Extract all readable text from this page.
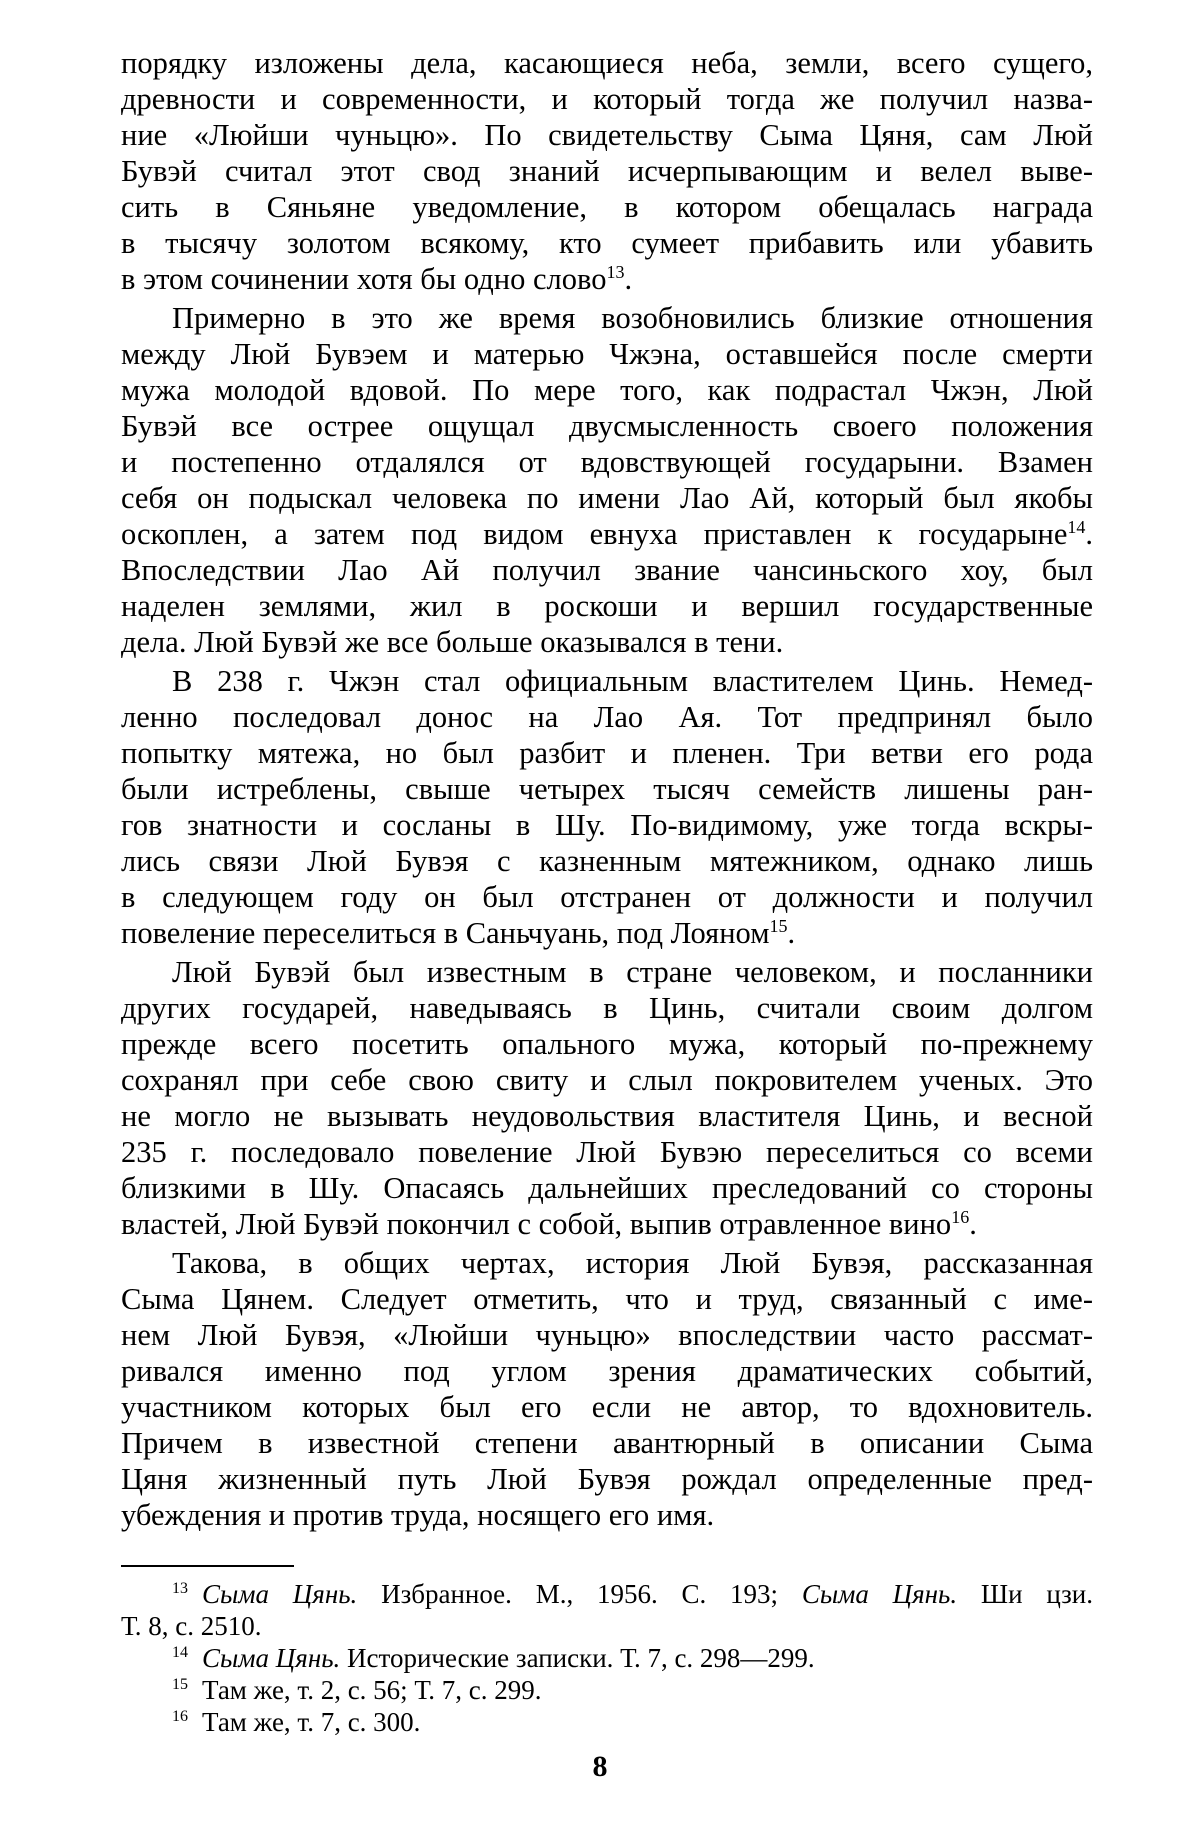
порядку изложены дела, касающиеся неба, земли, всего сущего,
древности и современности, и который тогда же получил назва-
ние «Люйши чуньцю». По свидетельству Сыма Цяня, сам Люй
Бувэй считал этот свод знаний исчерпывающим и велел выве-
сить в Сяньяне уведомление, в котором обещалась награда
в тысячу золотом всякому, кто сумеет прибавить или убавить
в этом сочинении хотя бы одно слово$^{13}$.
Примерно в это же время возобновились близкие отношения
между Люй Бувэем и матерью Чжэна, оставшейся после смерти
мужа молодой вдовой. По мере того, как подрастал Чжэн, Люй
Бувэй все острее ощущал двусмысленность своего положения
и постепенно отдалялся от вдовствующей государыни. Взамен
себя он подыскал человека по имени Лао Ай, который был якобы
оскоплен, а затем под видом евнуха приставлен к государыне$^{14}$.
Впоследствии Лао Ай получил звание чансиньского хоу, был
наделен землями, жил в роскоши и вершил государственные
дела. Люй Бувэй же все больше оказывался в тени.
В 238 г. Чжэн стал официальным властителем Цинь. Немед-
ленно последовал донос на Лао Ая. Тот предпринял было
попытку мятежа, но был разбит и пленен. Три ветви его рода
были истреблены, свыше четырех тысяч семейств лишены ран-
гов знатности и сосланы в Шу. По-видимому, уже тогда вскры-
лись связи Люй Бувэя с казненным мятежником, однако лишь
в следующем году он был отстранен от должности и получил
повеление переселиться в Саньчуань, под Лояном$^{15}$.
Люй Бувэй был известным в стране человеком, и посланники
других государей, наведываясь в Цинь, считали своим долгом
прежде всего посетить опального мужа, который по-прежнему
сохранял при себе свою свиту и слыл покровителем ученых. Это
не могло не вызывать неудовольствия властителя Цинь, и весной
235 г. последовало повеление Люй Бувэю переселиться со всеми
близкими в Шу. Опасаясь дальнейших преследований со стороны
властей, Люй Бувэй покончил с собой, выпив отравленное вино$^{16}$.
Такова, в общих чертах, история Люй Бувэя, рассказанная
Сыма Цянем. Следует отметить, что и труд, связанный с име-
нем Люй Бувэя, «Люйши чуньцю» впоследствии часто рассмат-
ривался именно под углом зрения драматических событий,
участником которых был его если не автор, то вдохновитель.
Причем в известной степени авантюрный в описании Сыма
Цяня жизненный путь Люй Бувэя рождал определенные пред-
убеждения и против труда, носящего его имя.
$^{13}$ Сыма Цянь. Избранное. М., 1956. С. 193; Сыма Цянь. Ши цзи.
Т. 8, с. 2510.
$^{14}$ Сыма Цянь. Исторические записки. Т. 7, с. 298—299.
$^{15}$ Там же, т. 2, с. 56; Т. 7, с. 299.
$^{16}$ Там же, т. 7, с. 300.
8
